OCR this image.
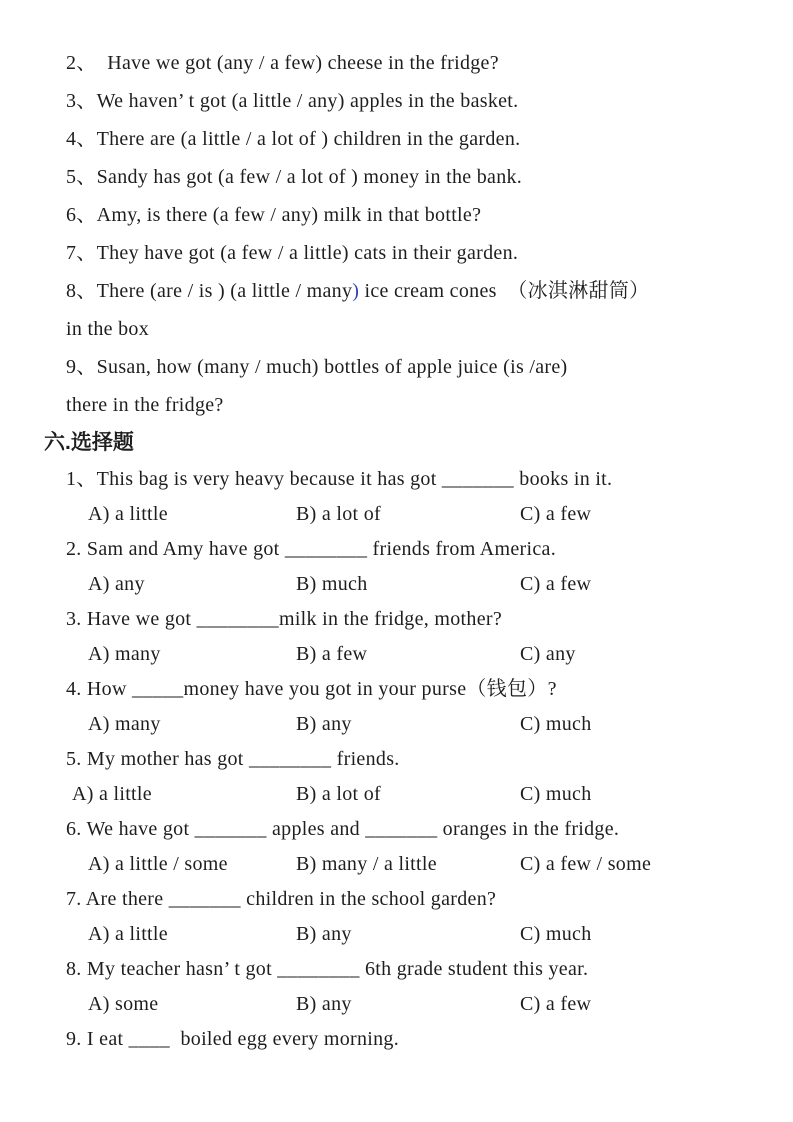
2、  Have we got (any / a few) cheese in the fridge?
3、We haven’ t got (a little / any) apples in the basket.
4、There are (a little / a lot of ) children in the garden.
5、Sandy has got (a few / a lot of ) money in the bank.
6、Amy, is there (a few / any) milk in that bottle?
7、They have got (a few / a little) cats in their garden.
8、There (are / is ) (a little / many) ice cream cones  （冰淇淋甜筒）
in the box
9、Susan, how (many / much) bottles of apple juice (is /are)
there in the fridge?
六.选择题
1、This bag is very heavy because it has got _______ books in it.
A) a little	B) a lot of	C) a few
2. Sam and Amy have got ________ friends from America.
A) any	B) much	C) a few
3. Have we got ________milk in the fridge, mother?
A) many	B) a few	C) any
4. How _____money have you got in your purse（钱包）?
A) many	B) any	C) much
5. My mother has got ________ friends.
A) a little	B) a lot of	C) much
6. We have got _______ apples and _______ oranges in the fridge.
A) a little / some	B) many / a little	C) a few / some
7. Are there _______ children in the school garden?
A) a little	B) any	C) much
8. My teacher hasn’ t got ________ 6th grade student this year.
A) some	B) any	C) a few
9. I eat ____  boiled egg every morning.
